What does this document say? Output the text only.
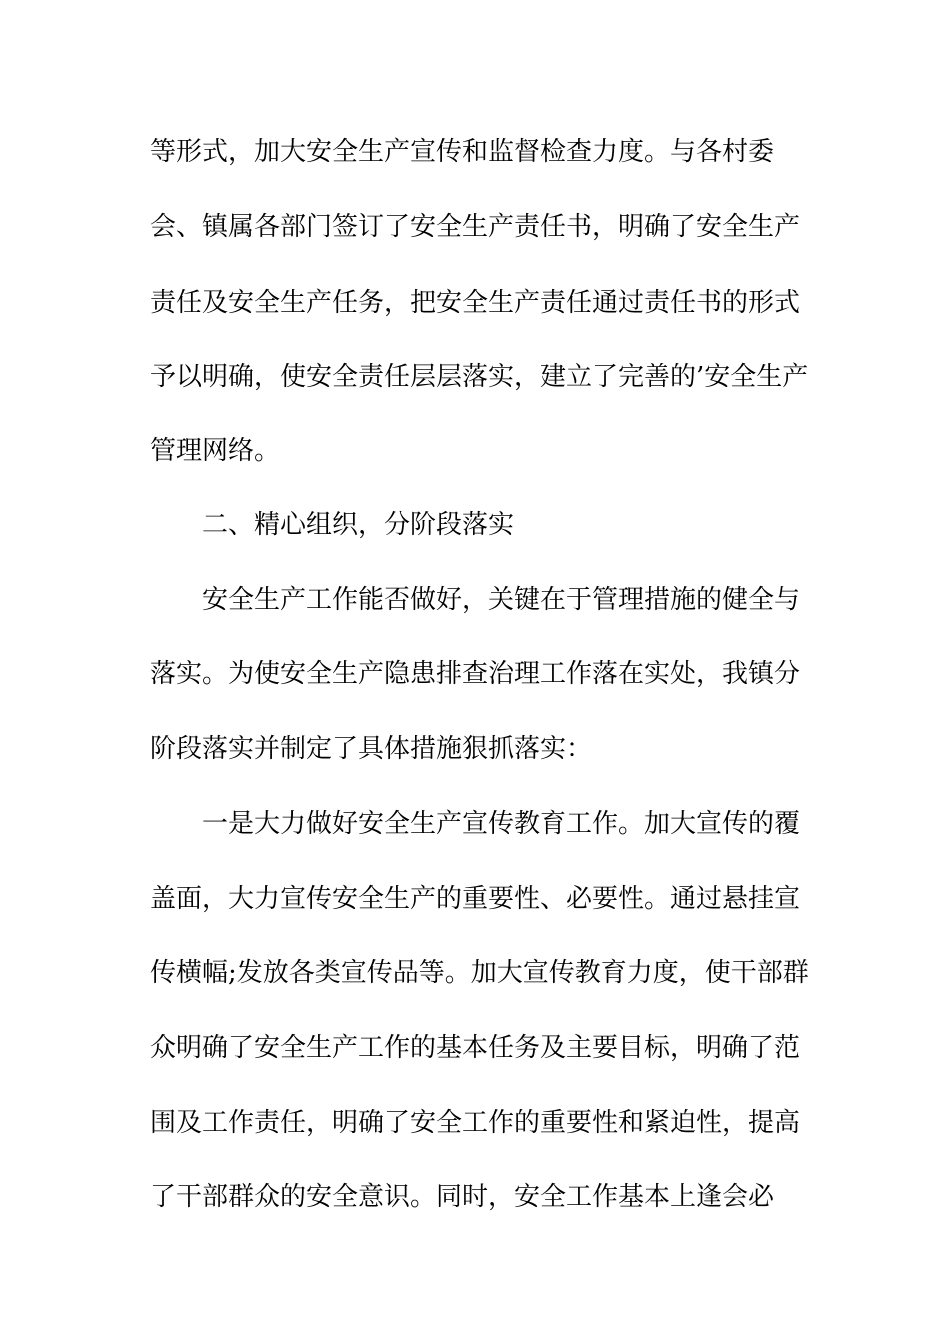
等形式，加大安全生产宣传和监督检查力度。与各村委
会、镇属各部门签订了安全生产责任书，明确了安全生产
责任及安全生产任务，把安全生产责任通过责任书的形式
予以明确，使安全责任层层落实，建立了完善的’安全生产
管理网络。
二、精心组织，分阶段落实
安全生产工作能否做好，关键在于管理措施的健全与
落实。为使安全生产隐患排查治理工作落在实处，我镇分
阶段落实并制定了具体措施狠抓落实：
一是大力做好安全生产宣传教育工作。加大宣传的覆
盖面，大力宣传安全生产的重要性、必要性。通过悬挂宣
传横幅;发放各类宣传品等。加大宣传教育力度，使干部群
众明确了安全生产工作的基本任务及主要目标，明确了范
围及工作责任，明确了安全工作的重要性和紧迫性，提高
了干部群众的安全意识。同时，安全工作基本上逢会必
